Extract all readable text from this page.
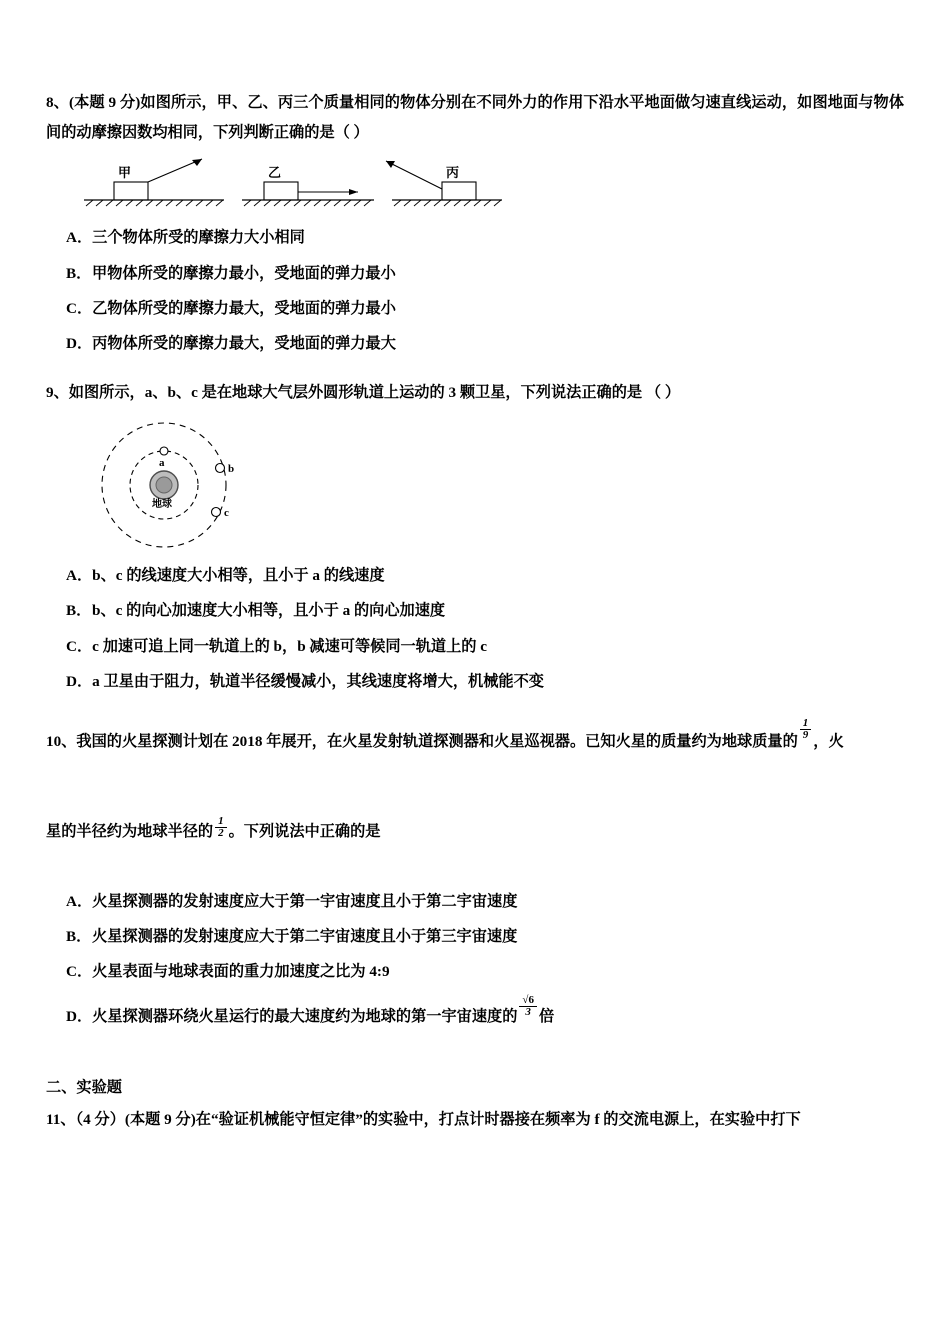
8、(本题 9 分)如图所示，甲、乙、丙三个质量相同的物体分别在不同外力的作用下沿水平地面做匀速直线运动，如图地面与物体间的动摩擦因数均相同，下列判断正确的是（ ）
甲	乙	丙
A．三个物体所受的摩擦力大小相同
B．甲物体所受的摩擦力最小，受地面的弹力最小
C．乙物体所受的摩擦力最大，受地面的弹力最小
D．丙物体所受的摩擦力最大，受地面的弹力最大
9、如图所示，a、b、c 是在地球大气层外圆形轨道上运动的 3 颗卫星，下列说法正确的是 （ ）
地球
a	b
c
A．b、c 的线速度大小相等，且小于 a 的线速度
B．b、c 的向心加速度大小相等，且小于 a 的向心加速度
C．c 加速可追上同一轨道上的 b，b 减速可等候同一轨道上的 c
D．a 卫星由于阻力，轨道半径缓慢减小，其线速度将增大，机械能不变
10、我国的火星探测计划在 2018 年展开，在火星发射轨道探测器和火星巡视器。已知火星的质量约为地球质量的 $\frac{1}{9}$ ，火
星的半径约为地球半径的 $\frac{1}{2}$ 。下列说法中正确的是
A．火星探测器的发射速度应大于第一宇宙速度且小于第二宇宙速度
B．火星探测器的发射速度应大于第二宇宙速度且小于第三宇宙速度
C．火星表面与地球表面的重力加速度之比为 4:9
D．火星探测器环绕火星运行的最大速度约为地球的第一宇宙速度的 $\frac{√6}{3}$ 倍
二、实验题
11、（4 分）(本题 9 分)在“验证机械能守恒定律”的实验中，打点计时器接在频率为 f 的交流电源上，在实验中打下
